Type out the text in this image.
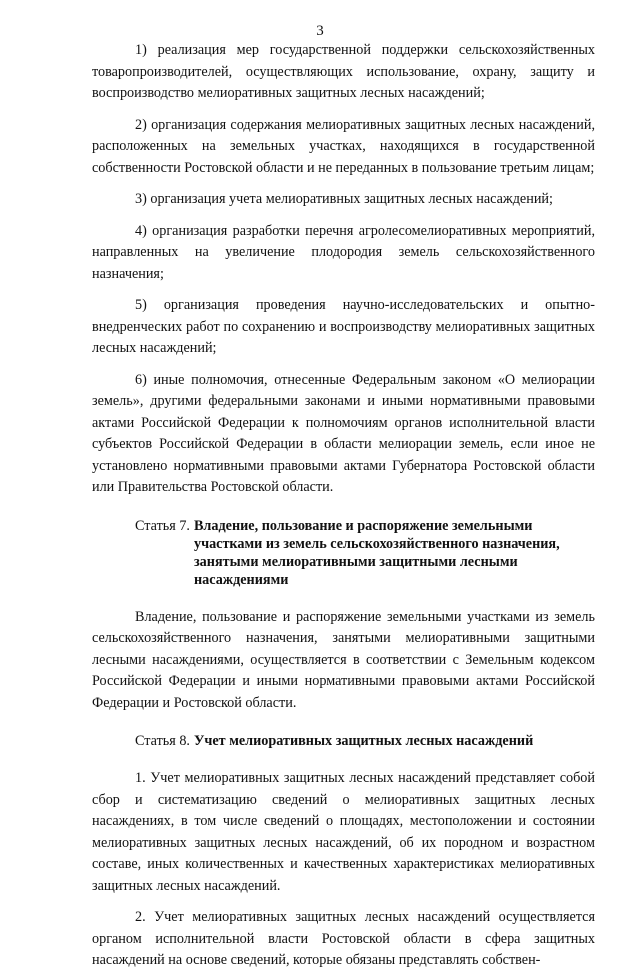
3

1) реализация мер государственной поддержки сельскохозяйственных товаропроизводителей, осуществляющих использование, охрану, защиту и воспроизводство мелиоративных защитных лесных насаждений;

2) организация содержания мелиоративных защитных лесных насаждений, расположенных на земельных участках, находящихся в государственной собственности Ростовской области и не переданных в пользование третьим лицам;

3) организация учета мелиоративных защитных лесных насаждений;

4) организация разработки перечня агролесомелиоративных мероприятий, направленных на увеличение плодородия земель сельскохозяйственного назначения;

5) организация проведения научно-исследовательских и опытно-внедренческих работ по сохранению и воспроизводству мелиоративных защитных лесных насаждений;

6) иные полномочия, отнесенные Федеральным законом «О мелиорации земель», другими федеральными законами и иными нормативными правовыми актами Российской Федерации к полномочиям органов исполнительной власти субъектов Российской Федерации в области мелиорации земель, если иное не установлено нормативными правовыми актами Губернатора Ростовской области или Правительства Ростовской области.

Статья 7. Владение, пользование и распоряжение земельными участками из земель сельскохозяйственного назначения, занятыми мелиоративными защитными лесными насаждениями

Владение, пользование и распоряжение земельными участками из земель сельскохозяйственного назначения, занятыми мелиоративными защитными лесными насаждениями, осуществляется в соответствии с Земельным кодексом Российской Федерации и иными нормативными правовыми актами Российской Федерации и Ростовской области.

Статья 8. Учет мелиоративных защитных лесных насаждений

1. Учет мелиоративных защитных лесных насаждений представляет собой сбор и систематизацию сведений о мелиоративных защитных лесных насаждениях, в том числе сведений о площадях, местоположении и состоянии мелиоративных защитных лесных насаждений, об их породном и возрастном составе, иных количественных и качественных характеристиках мелиоративных защитных лесных насаждений.

2. Учет мелиоративных защитных лесных насаждений осуществляется органом исполнительной власти Ростовской области в сфера защитных насаждений на основе сведений, которые обязаны представлять собствен-
